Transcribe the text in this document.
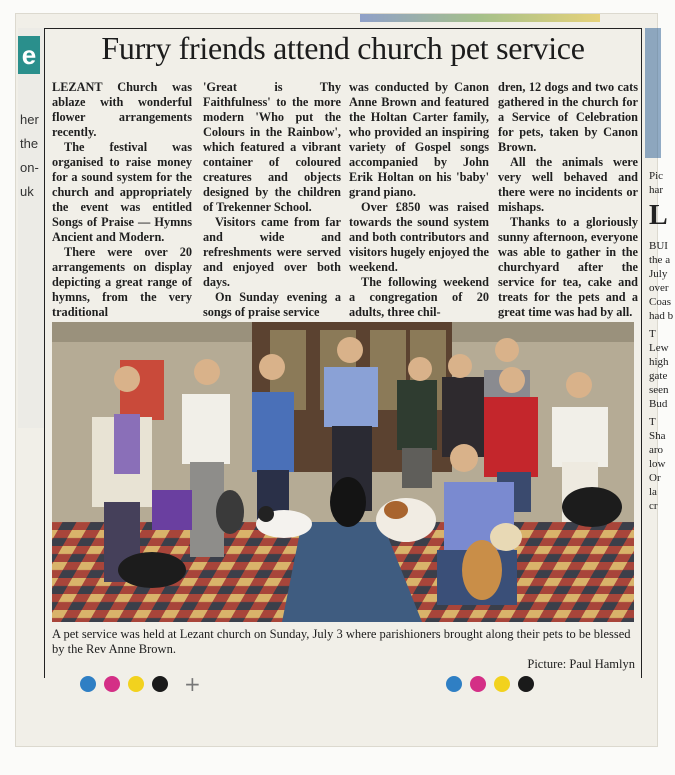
e
her
the
on-
uk
Pic
har
L
BUI
the a
July
over
Coas
had b
T
Lew
high
gate
seen
Bud
T
Sha
aro
low
Or
la
cr
Furry friends attend church pet service

LEZANT Church was ablaze with wonderful flower arrangements recently.

The festival was organised to raise money for a sound system for the church and appropriately the event was entitled Songs of Praise — Hymns Ancient and Modern.

There were over 20 arrangements on display depicting a great range of hymns, from the very traditional

'Great is Thy Faithfulness' to the more modern 'Who put the Colours in the Rainbow', which featured a vibrant container of coloured creatures and objects designed by the children of Trekenner School.

Visitors came from far and wide and refreshments were served and enjoyed over both days.

On Sunday evening a songs of praise service

was conducted by Canon Anne Brown and featured the Holtan Carter family, who provided an inspiring variety of Gospel songs accompanied by John Erik Holtan on his 'baby' grand piano.

Over £850 was raised towards the sound system and both contributors and visitors hugely enjoyed the weekend.

The following weekend a congregation of 20 adults, three chil-

dren, 12 dogs and two cats gathered in the church for a Service of Celebration for pets, taken by Canon Brown.

All the animals were very well behaved and there were no incidents or mishaps.

Thanks to a gloriously sunny afternoon, everyone was able to gather in the churchyard after the service for tea, cake and treats for the pets and a great time was had by all.

A pet service was held at Lezant church on Sunday, July 3 where parishioners brought along their pets to be blessed by the Rev Anne Brown.
Picture: Paul Hamlyn
+
